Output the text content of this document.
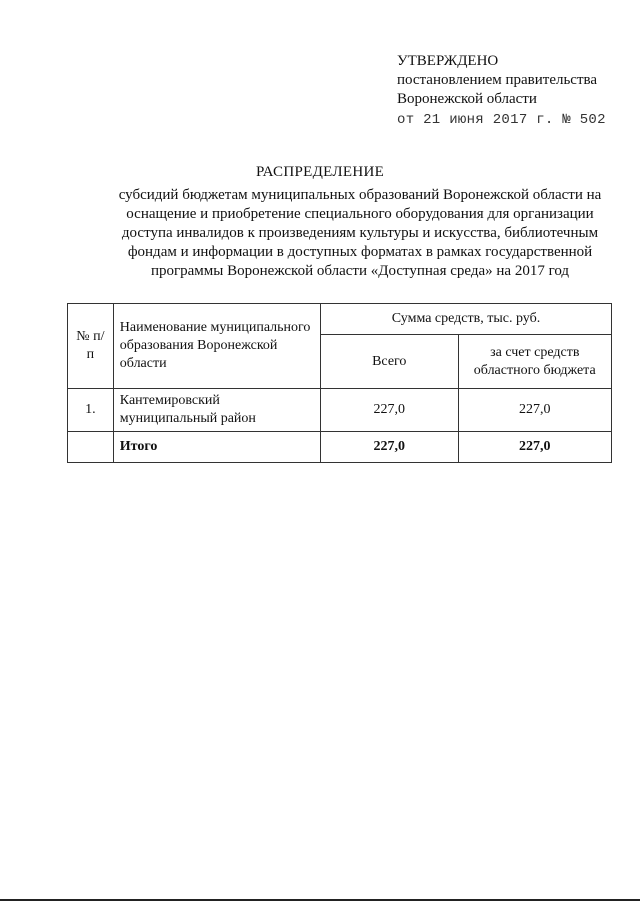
УТВЕРЖДЕНО
постановлением правительства
Воронежской области
от 21 июня 2017 г. № 502
РАСПРЕДЕЛЕНИЕ
субсидий бюджетам муниципальных образований Воронежской области на
оснащение и приобретение специального оборудования для организации
доступа инвалидов к произведениям культуры и искусства, библиотечным
фондам и информации в доступных форматах в рамках государственной
программы Воронежской области «Доступная среда» на 2017 год
№ п/п	Наименование муниципального образования Воронежской области	Сумма средств, тыс. руб.	
		Всего	за счет средств областного бюджета
1.	Кантемировский муниципальный район	227,0	227,0
	Итого	227,0	227,0
